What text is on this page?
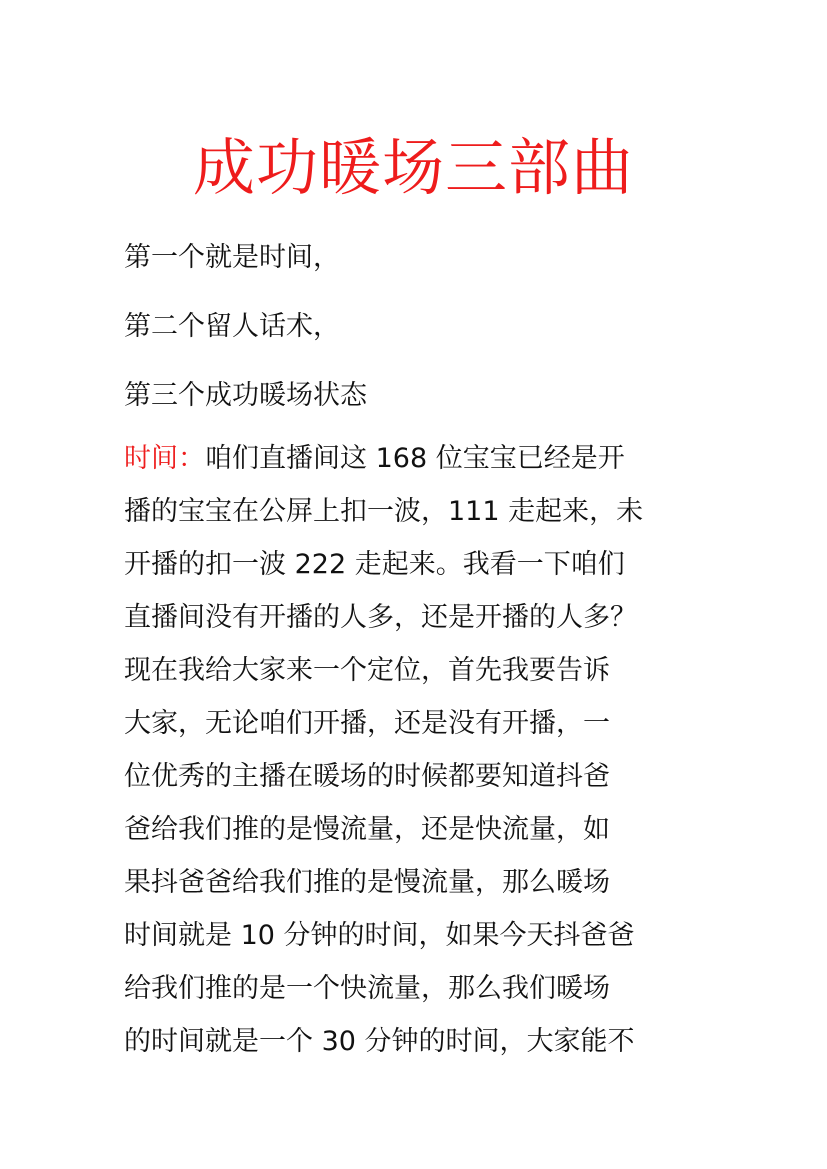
成功暖场三部曲
第一个就是时间，
第二个留人话术，
第三个成功暖场状态
时间：咱们直播间这 168 位宝宝已经是开
播的宝宝在公屏上扣一波，111 走起来，未
开播的扣一波 222 走起来。我看一下咱们
直播间没有开播的人多，还是开播的人多？
现在我给大家来一个定位，首先我要告诉
大家，无论咱们开播，还是没有开播，一
位优秀的主播在暖场的时候都要知道抖爸
爸给我们推的是慢流量，还是快流量，如
果抖爸爸给我们推的是慢流量，那么暖场
时间就是 10 分钟的时间，如果今天抖爸爸
给我们推的是一个快流量，那么我们暖场
的时间就是一个 30 分钟的时间，大家能不
